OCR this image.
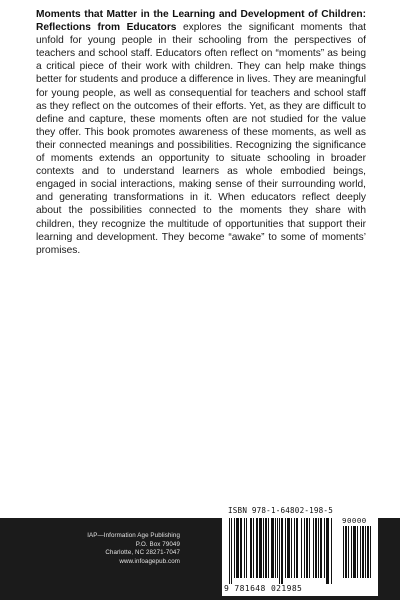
Moments that Matter in the Learning and Development of Children: Reflections from Educators explores the significant moments that unfold for young people in their schooling from the perspectives of teachers and school staff. Educators often reflect on “moments” as being a critical piece of their work with children. They can help make things better for students and produce a difference in lives. They are meaningful for young people, as well as consequential for teachers and school staff as they reflect on the outcomes of their efforts. Yet, as they are difficult to define and capture, these moments often are not studied for the value they offer. This book promotes awareness of these moments, as well as their connected meanings and possibilities. Recognizing the significance of moments extends an opportunity to situate schooling in broader contexts and to understand learners as whole embodied beings, engaged in social interactions, making sense of their surrounding world, and generating transformations in it. When educators reflect deeply about the possibilities connected to the moments they share with children, they recognize the multitude of opportunities that support their learning and development. They become “awake” to some of moments’ promises.

IAP—Information Age Publishing
P.O. Box 79049
Charlotte, NC 28271-7047
www.infoagepub.com
ISBN 978-1-64802-198-5
90000
9 781648 021985
